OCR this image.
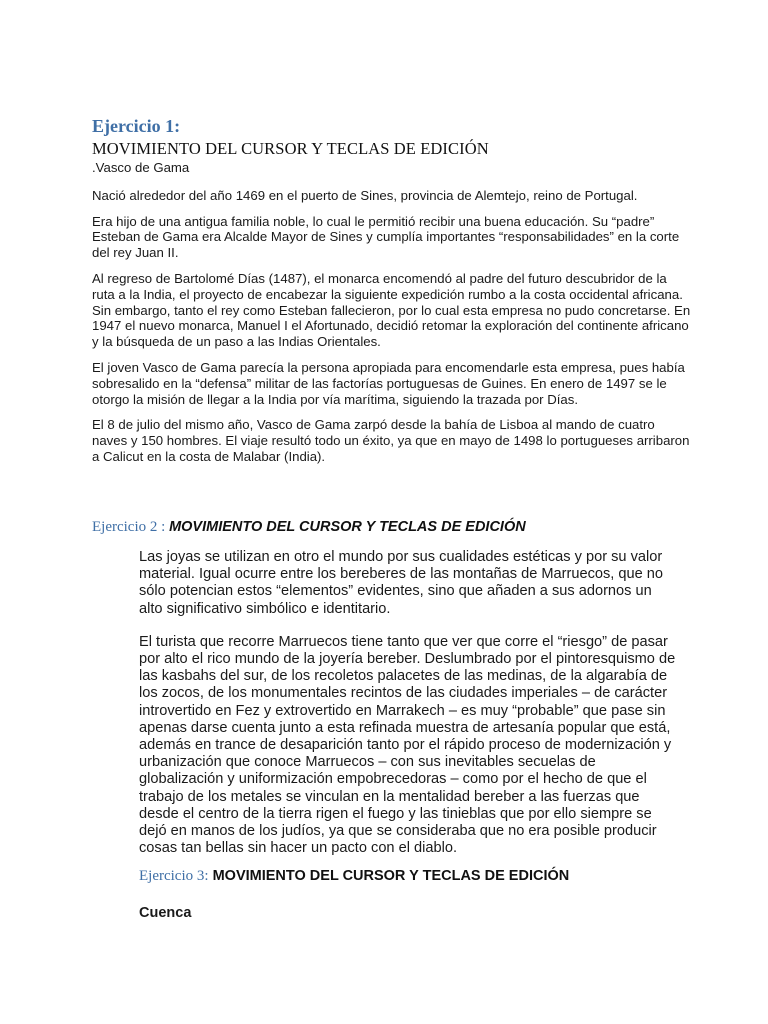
Ejercicio 1:
MOVIMIENTO DEL CURSOR Y TECLAS DE EDICIÓN

.Vasco de Gama

Nació alrededor del año 1469 en el puerto de Sines, provincia de Alemtejo, reino de Portugal.

Era hijo de una antigua familia noble, lo cual le permitió recibir una buena educación. Su “padre” Esteban de Gama era Alcalde Mayor de Sines y cumplía importantes “responsabilidades” en la corte del rey Juan II.

Al regreso de Bartolomé Días (1487), el monarca encomendó al padre del futuro descubridor de la ruta a la India, el proyecto de encabezar la siguiente expedición rumbo a la costa occidental africana. Sin embargo, tanto el rey como Esteban fallecieron, por lo cual esta empresa no pudo concretarse. En 1947 el nuevo monarca, Manuel I el Afortunado, decidió retomar la exploración del continente africano y la búsqueda de un paso a las Indias Orientales.

El joven Vasco de Gama parecía la persona apropiada para encomendarle esta empresa, pues había sobresalido en la “defensa” militar de las factorías portuguesas de Guines. En enero de 1497 se le otorgo la misión de llegar a la India por vía marítima, siguiendo la trazada por Días.

El 8 de julio del mismo año, Vasco de Gama zarpó desde la bahía de Lisboa al mando de cuatro naves y 150 hombres. El viaje resultó todo un éxito, ya que en mayo de 1498 lo portugueses arribaron a Calicut en la costa de Malabar (India).

Ejercicio 2 : MOVIMIENTO DEL CURSOR Y TECLAS DE EDICIÓN

Las joyas se utilizan en otro el mundo por sus cualidades estéticas y por su valor material. Igual ocurre entre los bereberes de las montañas de Marruecos, que no sólo potencian estos “elementos” evidentes, sino que añaden a sus adornos un alto significativo simbólico e identitario.

El turista que recorre Marruecos tiene tanto que ver que corre el “riesgo” de pasar por alto el rico mundo de la joyería bereber. Deslumbrado por el pintoresquismo de las kasbahs del sur, de los recoletos palacetes de las medinas, de la algarabía de los zocos, de los monumentales recintos de las ciudades imperiales – de carácter introvertido en Fez y extrovertido en Marrakech – es muy “probable” que pase sin apenas darse cuenta junto a esta refinada muestra de artesanía popular que está, además en trance de desaparición tanto por el rápido proceso de modernización y urbanización que conoce Marruecos – con sus inevitables secuelas de globalización y uniformización empobrecedoras – como por el hecho de que el trabajo de los metales se vinculan en la mentalidad bereber a las fuerzas que desde el centro de la tierra rigen el fuego y las tinieblas que por ello siempre se dejó en manos de los judíos, ya que se consideraba que no era posible producir cosas tan bellas sin hacer un pacto con el diablo.

Ejercicio 3: MOVIMIENTO DEL CURSOR Y TECLAS DE EDICIÓN
Cuenca
